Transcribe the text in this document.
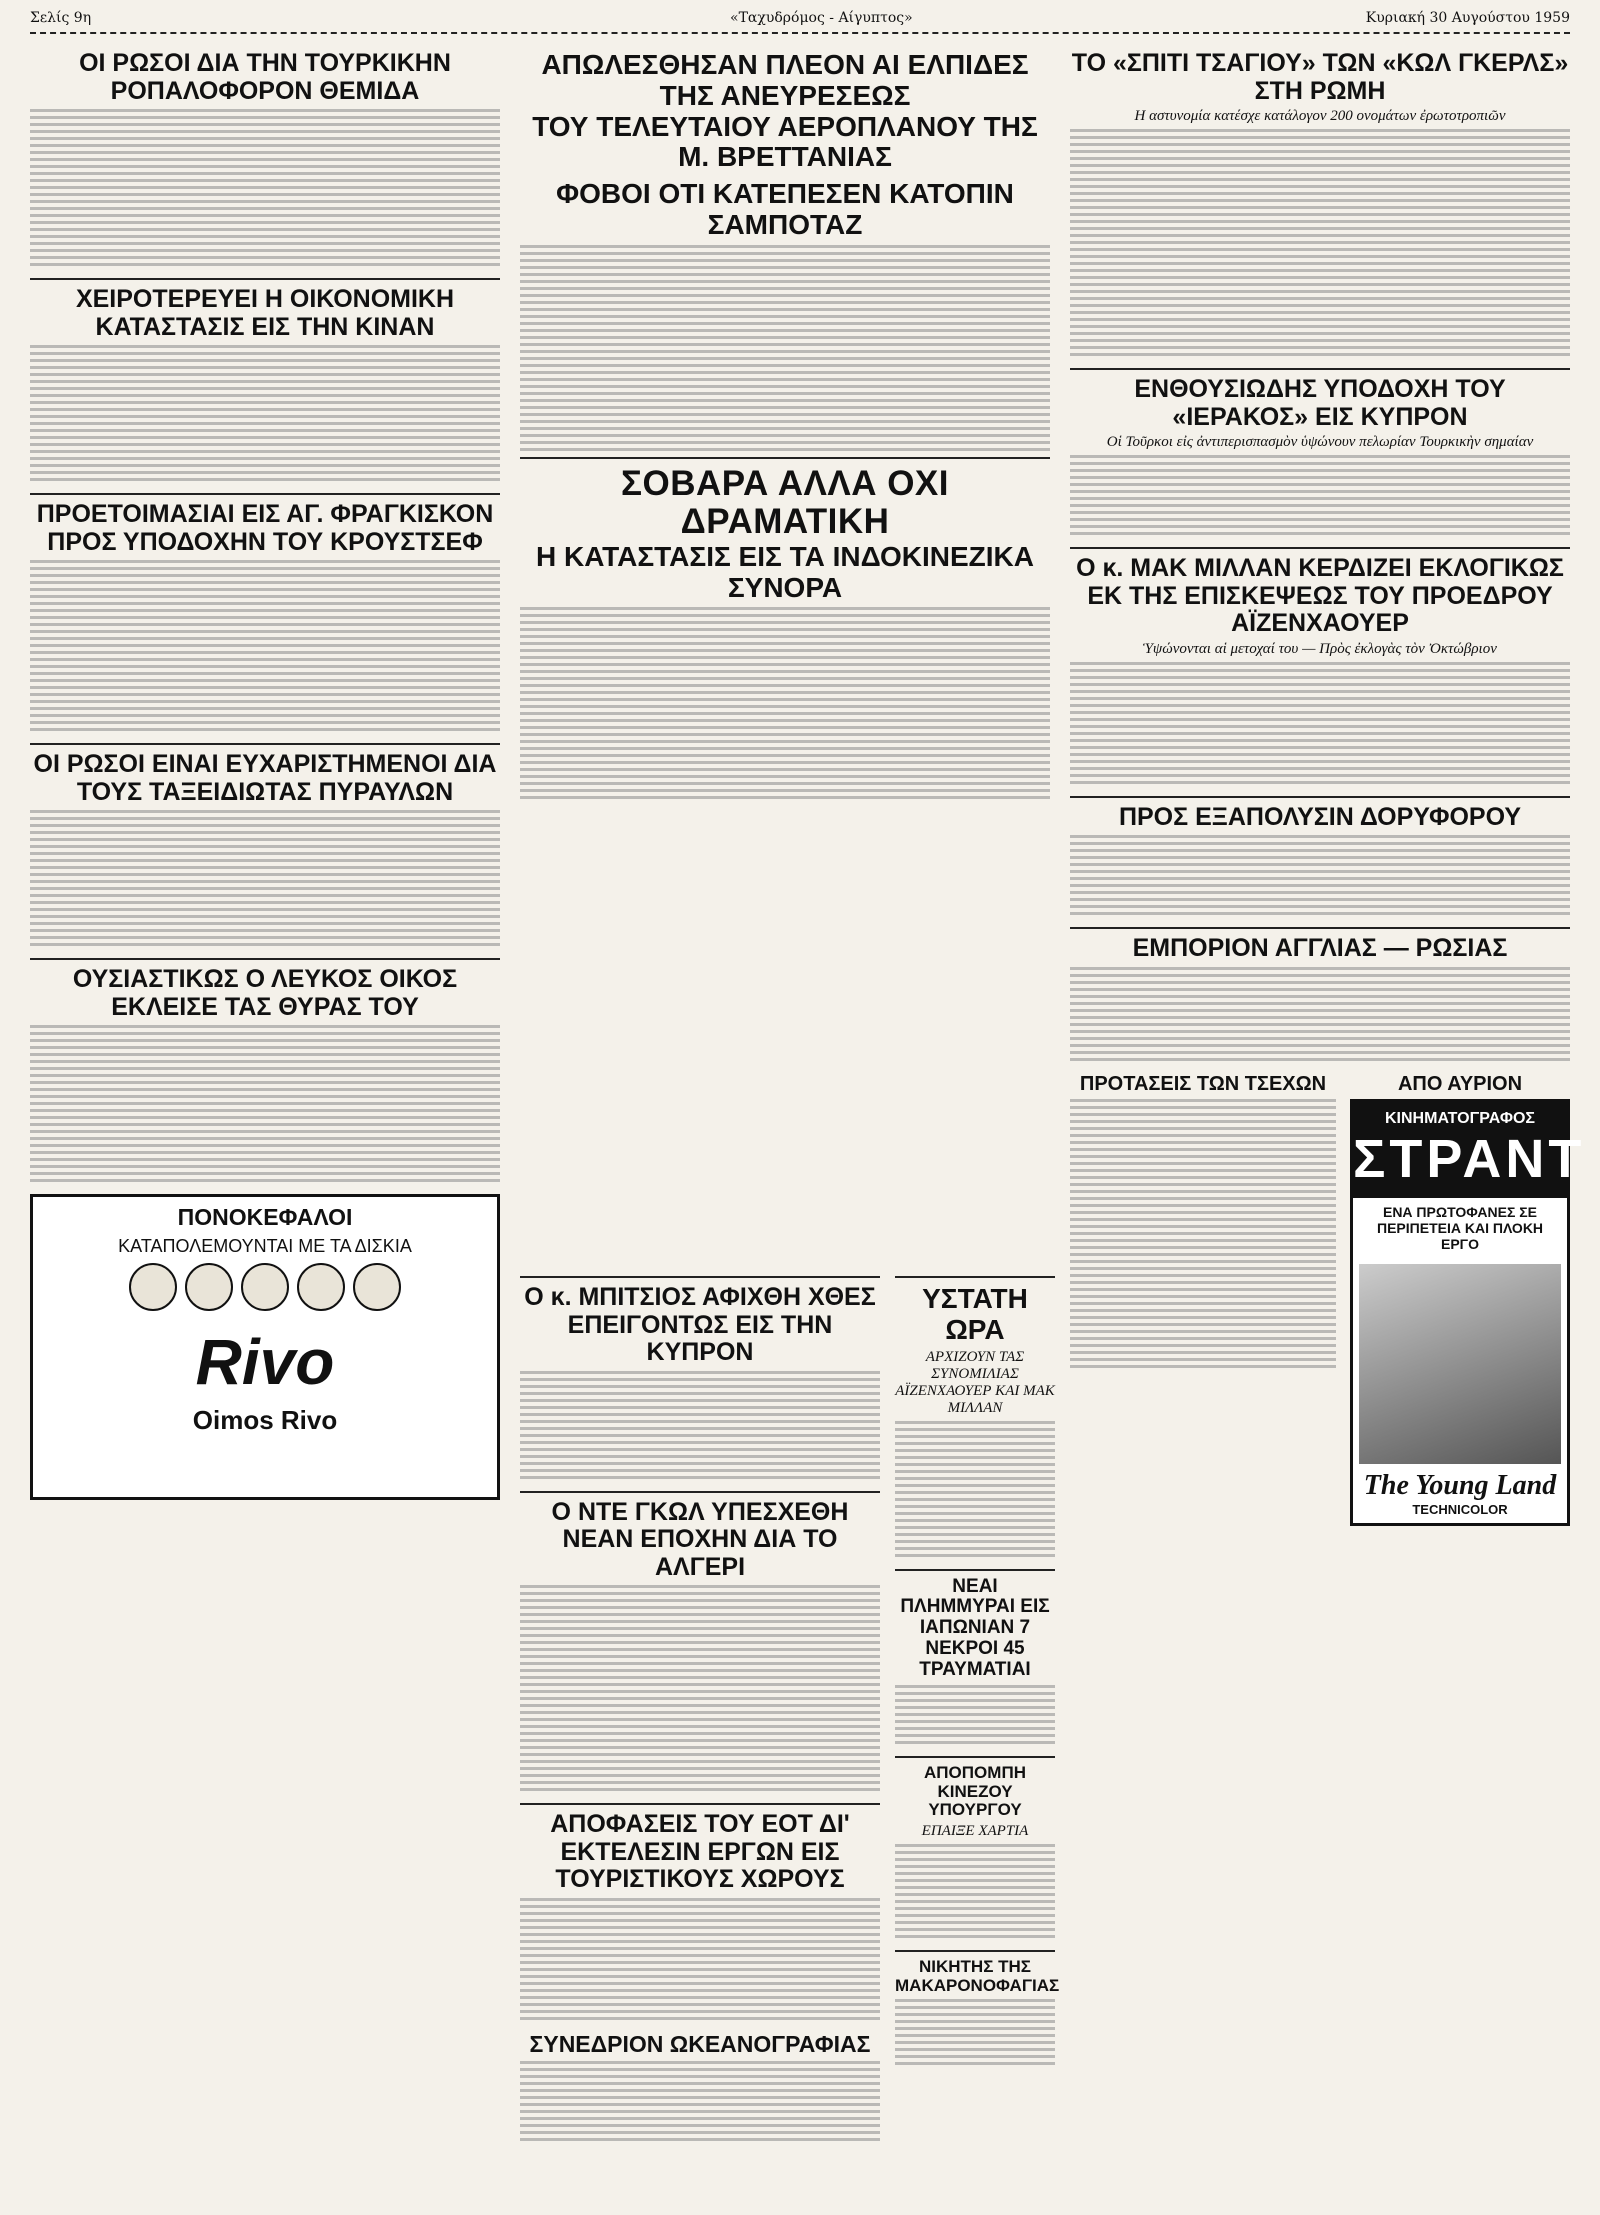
Σελίς 9η	«Ταχυδρόμος - Αίγυπτος»	Κυριακή 30 Αυγούστου 1959
ΟΙ ΡΩΣΟΙ ΔΙΑ ΤΗΝ ΤΟΥΡΚΙΚΗΝ ΡΟΠΑΛΟΦΟΡΟΝ ΘΕΜΙΔΑ
ΧΕΙΡΟΤΕΡΕΥΕΙ Η ΟΙΚΟΝΟΜΙΚΗ ΚΑΤΑΣΤΑΣΙΣ ΕΙΣ ΤΗΝ ΚΙΝΑΝ
ΠΡΟΕΤΟΙΜΑΣΙΑΙ ΕΙΣ ΑΓ. ΦΡΑΓΚΙΣΚΟΝ ΠΡΟΣ ΥΠΟΔΟΧΗΝ ΤΟΥ ΚΡΟΥΣΤΣΕΦ
ΟΙ ΡΩΣΟΙ ΕΙΝΑΙ ΕΥΧΑΡΙΣΤΗΜΕΝΟΙ ΔΙΑ ΤΟΥΣ ΤΑΞΕΙΔΙΩΤΑΣ ΠΥΡΑΥΛΩΝ
ΟΥΣΙΑΣΤΙΚΩΣ Ο ΛΕΥΚΟΣ ΟΙΚΟΣ ΕΚΛΕΙΣΕ ΤΑΣ ΘΥΡΑΣ ΤΟΥ
ΠΟΝΟΚΕΦΑΛΟΙ
ΚΑΤΑΠΟΛΕΜΟΥΝΤΑΙ ΜΕ ΤΑ ΔΙΣΚΙΑ
Rivo
Oimos Rivo
ΑΠΩΛΕΣΘΗΣΑΝ ΠΛΕΟΝ ΑΙ ΕΛΠΙΔΕΣ ΤΗΣ ΑΝΕΥΡΕΣΕΩΣ
ΤΟΥ ΤΕΛΕΥΤΑΙΟΥ ΑΕΡΟΠΛΑΝΟΥ ΤΗΣ Μ. ΒΡΕΤΤΑΝΙΑΣ
ΦΟΒΟΙ ΟΤΙ ΚΑΤΕΠΕΣΕΝ ΚΑΤΟΠΙΝ ΣΑΜΠΟΤΑΖ
ΣΟΒΑΡΑ ΑΛΛΑ ΟΧΙ ΔΡΑΜΑΤΙΚΗ
Η ΚΑΤΑΣΤΑΣΙΣ ΕΙΣ ΤΑ ΙΝΔΟΚΙΝΕΖΙΚΑ ΣΥΝΟΡΑ
Ο κ. ΜΠΙΤΣΙΟΣ ΑΦΙΧΘΗ ΧΘΕΣ ΕΠΕΙΓΟΝΤΩΣ ΕΙΣ ΤΗΝ ΚΥΠΡΟΝ
Ο ΝΤΕ ΓΚΩΛ ΥΠΕΣΧΕΘΗ ΝΕΑΝ ΕΠΟΧΗΝ ΔΙΑ ΤΟ ΑΛΓΕΡΙ
ΑΠΟΦΑΣΕΙΣ ΤΟΥ ΕΟΤ ΔΙ' ΕΚΤΕΛΕΣΙΝ ΕΡΓΩΝ ΕΙΣ ΤΟΥΡΙΣΤΙΚΟΥΣ ΧΩΡΟΥΣ
ΣΥΝΕΔΡΙΟΝ ΩΚΕΑΝΟΓΡΑΦΙΑΣ
ΥΣΤΑΤΗ ΩΡΑ
ΑΡΧΙΖΟΥΝ ΤΑΣ ΣΥΝΟΜΙΛΙΑΣ ΑΪΖΕΝΧΑΟΥΕΡ ΚΑΙ ΜΑΚ ΜΙΛΛΑΝ
ΝΕΑΙ ΠΛΗΜΜΥΡΑΙ ΕΙΣ ΙΑΠΩΝΙΑΝ 7 ΝΕΚΡΟΙ 45 ΤΡΑΥΜΑΤΙΑΙ
ΑΠΟΠΟΜΠΗ ΚΙΝΕΖΟΥ ΥΠΟΥΡΓΟΥ
ΕΠΑΙΞΕ ΧΑΡΤΙΑ
ΝΙΚΗΤΗΣ ΤΗΣ ΜΑΚΑΡΟΝΟΦΑΓΙΑΣ
ΤΟ «ΣΠΙΤΙ ΤΣΑΓΙΟΥ» ΤΩΝ «ΚΩΛ ΓΚΕΡΛΣ» ΣΤΗ ΡΩΜΗ
Η αστυνομία κατέσχε κατάλογον 200 ονομάτων ἐρωτοτροπιῶν
ΕΝΘΟΥΣΙΩΔΗΣ ΥΠΟΔΟΧΗ ΤΟΥ «ΙΕΡΑΚΟΣ» ΕΙΣ ΚΥΠΡΟΝ
Οἱ Τοῦρκοι εἰς ἀντιπερισπασμὸν ὑψώνουν πελωρίαν Τουρκικὴν σημαίαν
Ο κ. ΜΑΚ ΜΙΛΛΑΝ ΚΕΡΔΙΖΕΙ ΕΚΛΟΓΙΚΩΣ ΕΚ ΤΗΣ ΕΠΙΣΚΕΨΕΩΣ ΤΟΥ ΠΡΟΕΔΡΟΥ ΑΪΖΕΝΧΑΟΥΕΡ
Ὑψώνονται αἱ μετοχαί του — Πρὸς ἐκλογὰς τὸν Ὀκτώβριον
ΠΡΟΣ ΕΞΑΠΟΛΥΣΙΝ ΔΟΡΥΦΟΡΟΥ
ΕΜΠΟΡΙΟΝ ΑΓΓΛΙΑΣ — ΡΩΣΙΑΣ
ΠΡΟΤΑΣΕΙΣ ΤΩΝ ΤΣΕΧΩΝ	ΑΠΟ ΑΥΡΙΟΝ
ΚΙΝΗΜΑΤΟΓΡΑΦΟΣ
ΣΤΡΑΝΤ
ΕΝΑ ΠΡΩΤΟΦΑΝΕΣ ΣΕ ΠΕΡΙΠΕΤΕΙΑ ΚΑΙ ΠΛΟΚΗ ΕΡΓΟ
The Young Land
TECHNICOLOR
